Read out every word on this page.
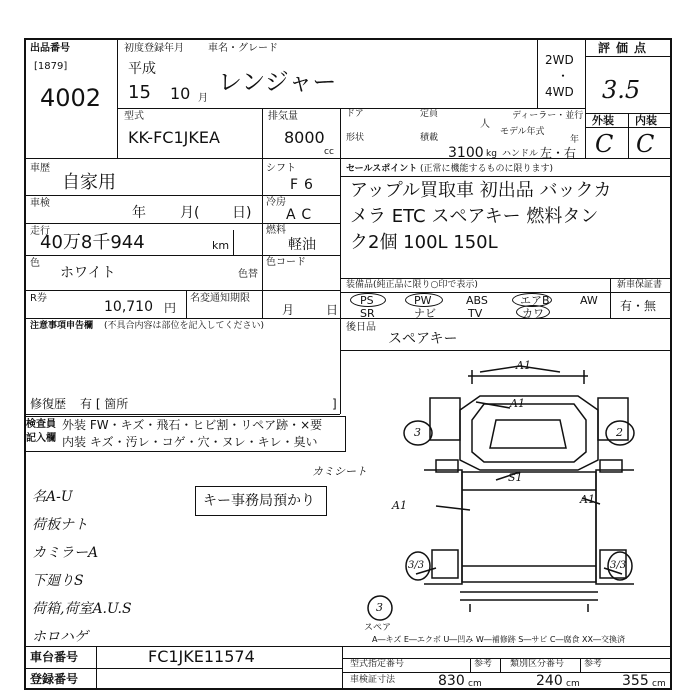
出品番号
[1879]
4002
初度登録年月 車名・グレード
平成
15 10 月
レンジャー
2WD
・
4WD
評価点
3.5
外装 内装
C C
型式
KK-FC1JKEA
排気量
8000
cc
ドア	定員
人
ディーラー・並行
モデル年式
年
形状	積載
3100 kg ハンドル 左・右
車歴
自家用
車検
年 月( 日)
走行
40万8千944	km
色
ホワイト	色替
R券
10,710 円
名変通知期限
月	日
シフト
F6
冷房
AC
燃料
軽油
色コード
セールスポイント (正常に機能するものに限ります)
アップル買取車 初出品 バックカ
メラ ETC スペアキー 燃料タン
ク2個 100L 150L
装備品(純正品に限り○印で表示)	新車保証書
有・無
PS	PW	ABS	エアB	AW
SR	ナビ	TV	カワ
後日品
スペアキー
注意事項申告欄 (不具合内容は部位を記入してください)
修復歴 有 [ 箇所	]
検査員
記入欄
外装 FW・キズ・飛石・ヒビ割・リペア跡・×要
内装 キズ・汚レ・コゲ・穴・ヌレ・キレ・臭い
名A-U
荷板ナト
カミラーA
下廻りS
荷箱,荷室A.U.S
ホロハゲ
カミシート
キー事務局預かり
A1
A1
3	2
S1
A1	A1
3/3	3/3
3
スペア
A―キズ E―エクボ U―凹み W―補修跡 S―サビ C―腐食 XX―交換済
車台番号	FC1JKE11574
登録番号
型式指定番号	類別区分番号
参考	参考
車検証寸法	830 cm	240 cm	355 cm
